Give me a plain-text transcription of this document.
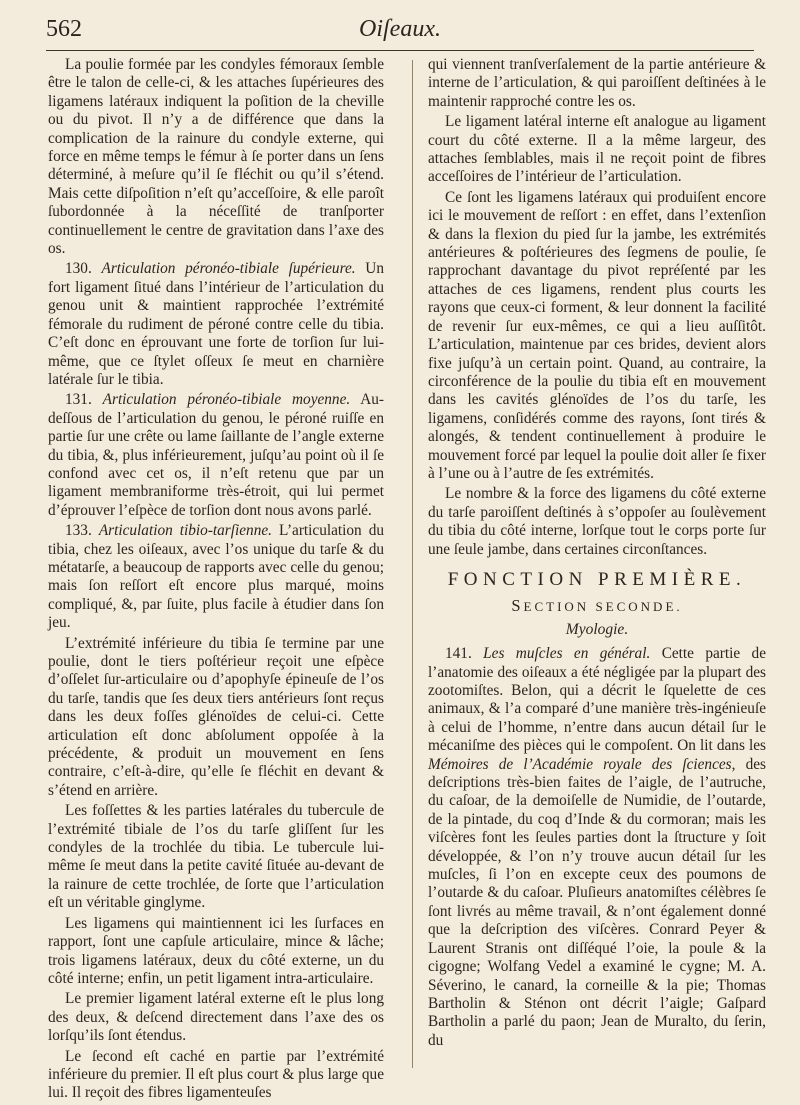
562	Oiſeaux.

La poulie formée par les condyles fémoraux ſemble être le talon de celle-ci, & les attaches ſupérieures des ligamens latéraux indiquent la poſition de la cheville ou du pivot. Il n’y a de différence que dans la complication de la rainure du condyle externe, qui force en même temps le fémur à ſe porter dans un ſens déterminé, à meſure qu’il ſe fléchit ou qu’il s’étend. Mais cette diſpoſition n’eſt qu’acceſſoire, & elle paroît ſubordonnée à la néceſſité de tranſporter continuellement le centre de gravitation dans l’axe des os.

130. Articulation péronéo-tibiale ſupérieure. Un fort ligament ſitué dans l’intérieur de l’articulation du genou unit & maintient rapprochée l’extrémité fémorale du rudiment de péroné contre celle du tibia. C’eſt donc en éprouvant une forte de torſion ſur lui-même, que ce ſtylet oſſeux ſe meut en charnière latérale ſur le tibia.

131. Articulation péronéo-tibiale moyenne. Au-deſſous de l’articulation du genou, le péroné ruiſſe en partie ſur une crête ou lame ſaillante de l’angle externe du tibia, &, plus inférieurement, juſqu’au point où il ſe confond avec cet os, il n’eſt retenu que par un ligament membraniforme très-étroit, qui lui permet d’éprouver l’eſpèce de torſion dont nous avons parlé.

133. Articulation tibio-tarſienne. L’articulation du tibia, chez les oiſeaux, avec l’os unique du tarſe & du métatarſe, a beaucoup de rapports avec celle du genou; mais ſon reſſort eſt encore plus marqué, moins compliqué, &, par ſuite, plus facile à étudier dans ſon jeu.

L’extrémité inférieure du tibia ſe termine par une poulie, dont le tiers poſtérieur reçoit une eſpèce d’oſſelet ſur-articulaire ou d’apophyſe épineuſe de l’os du tarſe, tandis que ſes deux tiers antérieurs ſont reçus dans les deux foſſes glénoïdes de celui-ci. Cette articulation eſt donc abſolument oppoſée à la précédente, & produit un mouvement en ſens contraire, c’eſt-à-dire, qu’elle ſe fléchit en devant & s’étend en arrière.

Les foſſettes & les parties latérales du tubercule de l’extrémité tibiale de l’os du tarſe gliſſent ſur les condyles de la trochlée du tibia. Le tubercule lui-même ſe meut dans la petite cavité ſituée au-devant de la rainure de cette trochlée, de ſorte que l’articulation eſt un véritable ginglyme.

Les ligamens qui maintiennent ici les ſurfaces en rapport, ſont une capſule articulaire, mince & lâche; trois ligamens latéraux, deux du côté externe, un du côté interne; enfin, un petit ligament intra-articulaire.

Le premier ligament latéral externe eſt le plus long des deux, & deſcend directement dans l’axe des os lorſqu’ils ſont étendus.

Le ſecond eſt caché en partie par l’extrémité inférieure du premier. Il eſt plus court & plus large que lui. Il reçoit des fibres ligamenteuſes

qui viennent tranſverſalement de la partie antérieure & interne de l’articulation, & qui paroiſſent deſtinées à le maintenir rapproché contre les os.

Le ligament latéral interne eſt analogue au ligament court du côté externe. Il a la même largeur, des attaches ſemblables, mais il ne reçoit point de fibres acceſſoires de l’intérieur de l’articulation.

Ce ſont les ligamens latéraux qui produiſent encore ici le mouvement de reſſort : en effet, dans l’extenſion & dans la flexion du pied ſur la jambe, les extrémités antérieures & poſtérieures des ſegmens de poulie, ſe rapprochant davantage du pivot repréſenté par les attaches de ces ligamens, rendent plus courts les rayons que ceux-ci forment, & leur donnent la facilité de revenir ſur eux-mêmes, ce qui a lieu auſſitôt. L’articulation, maintenue par ces brides, devient alors fixe juſqu’à un certain point. Quand, au contraire, la circonférence de la poulie du tibia eſt en mouvement dans les cavités glénoïdes de l’os du tarſe, les ligamens, conſidérés comme des rayons, ſont tirés & alongés, & tendent continuellement à produire le mouvement forcé par lequel la poulie doit aller ſe fixer à l’une ou à l’autre de ſes extrémités.

Le nombre & la force des ligamens du côté externe du tarſe paroiſſent deſtinés à s’oppoſer au ſoulèvement du tibia du côté interne, lorſque tout le corps porte ſur une ſeule jambe, dans certaines circonſtances.

FONCTION PREMIÈRE.
SECTION SECONDE.
Myologie.

141. Les muſcles en général. Cette partie de l’anatomie des oiſeaux a été négligée par la plupart des zootomiſtes. Belon, qui a décrit le ſquelette de ces animaux, & l’a comparé d’une manière très-ingénieuſe à celui de l’homme, n’entre dans aucun détail ſur le mécaniſme des pièces qui le compoſent. On lit dans les Mémoires de l’Académie royale des ſciences, des deſcriptions très-bien faites de l’aigle, de l’autruche, du caſoar, de la demoiſelle de Numidie, de l’outarde, de la pintade, du coq d’Inde & du cormoran; mais les viſcères font les ſeules parties dont la ſtructure y ſoit développée, & l’on n’y trouve aucun détail ſur les muſcles, ſi l’on en excepte ceux des poumons de l’outarde & du caſoar. Pluſieurs anatomiſtes célèbres ſe ſont livrés au même travail, & n’ont également donné que la deſcription des viſcères. Conrard Peyer & Laurent Stranis ont diſſéqué l’oie, la poule & la cigogne; Wolfang Vedel a examiné le cygne; M. A. Séverino, le canard, la corneille & la pie; Thomas Bartholin & Sténon ont décrit l’aigle; Gaſpard Bartholin a parlé du paon; Jean de Muralto, du ſerin, du
